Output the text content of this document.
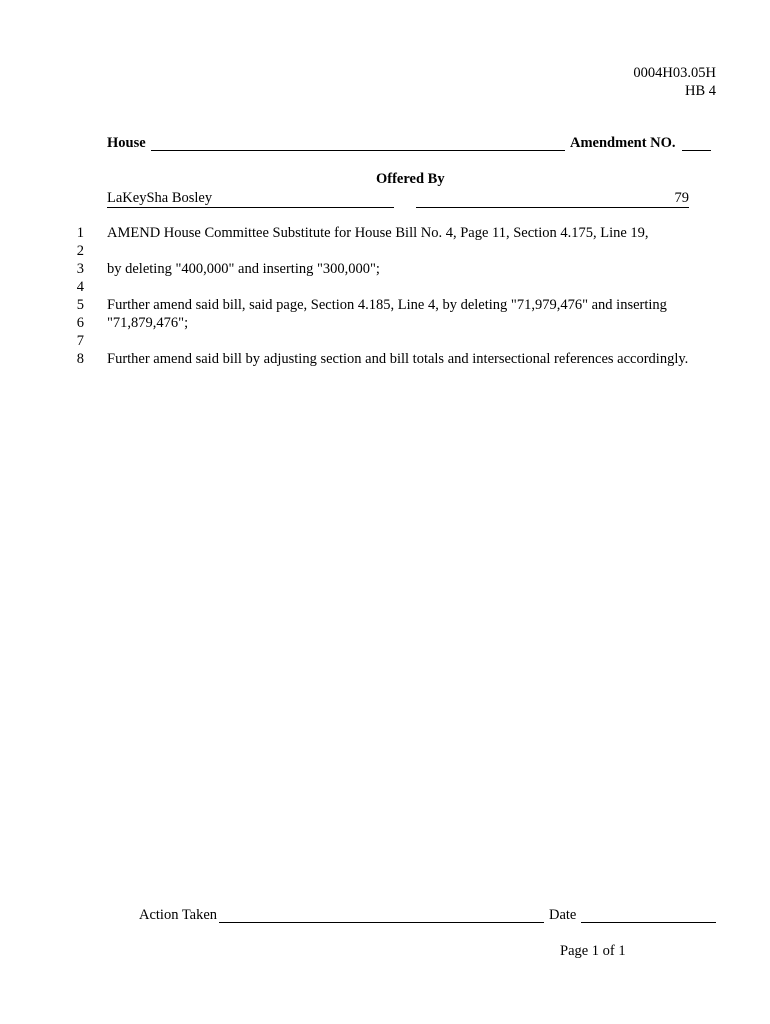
0004H03.05H
HB 4
House	Amendment NO.
Offered By
LaKeySha Bosley	79
1 AMEND House Committee Substitute for House Bill No. 4, Page 11, Section 4.175, Line 19,
2
3 by deleting "400,000" and inserting "300,000";
4
5 Further amend said bill, said page, Section 4.185, Line 4, by deleting "71,979,476" and inserting
6 "71,879,476";
7
8 Further amend said bill by adjusting section and bill totals and intersectional references accordingly.
Action Taken	Date
Page 1 of 1
